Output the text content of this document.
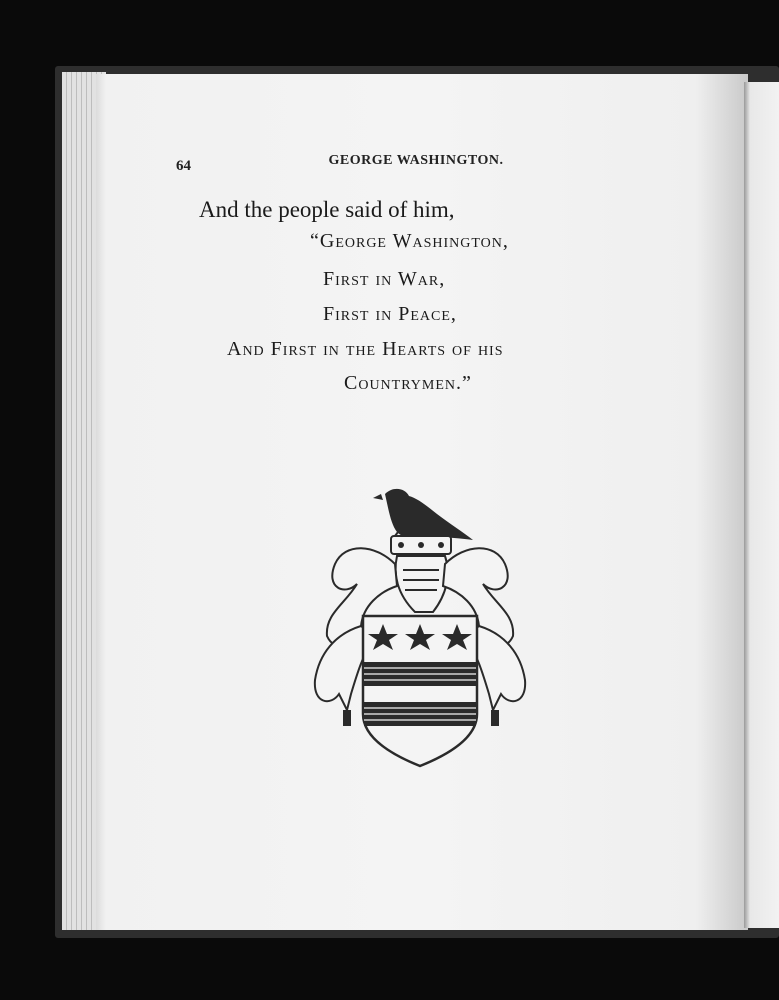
64	GEORGE WASHINGTON.
And the people said of him,
“George Washington,
First in War,
First in Peace,
And First in the Hearts of his
Countrymen.”
